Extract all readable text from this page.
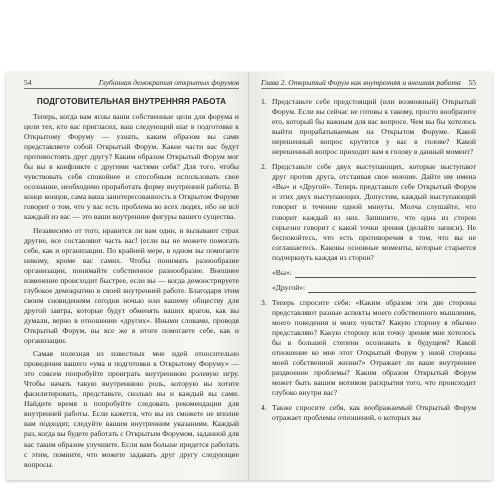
54	Глубинная демократия открытых форумов
ПОДГОТОВИТЕЛЬНАЯ ВНУТРЕННЯЯ РАБОТА

Теперь, когда вам ясны ваши собственные цели для форума и цели тех, кто вас пригласил, ваш следующий шаг в подготовке к Открытому Форуму — узнать, каким образом вы сами представляете собой Открытый Форум. Какие части вас будут противостоять друг другу? Каким образом Открытый Форум мог бы вы в конфликте с другими частями себя? Для того, чтобы чувствовать себя спокойнее и способным использовать свое осознание, необходимо проработать форму внутренней работы. В конце концов, сама ваша заинтересованность в Открытом Форуме говорит о том, что у вас есть проблема во всех людях, ибо не всё каждый из вас — это ваши внутренние фигуры вашего существа.

Независимо от того, нравится ли вам один, и вызывают страх другие, все составляют часть вас! (если вы не можете помогать себе, как и организации. По крайней мере, в одном вы помогаете никому, кроме вас самих. Чтобы понимать разнообразие организации, понимайте собственное разнообразие. Внешнее изменение происходит быстрее, если вы — когда демонстрируете глубокое демократию в своей внутренней работе. Благодаря этим своим сновидениям сегодня ночью или вашему обществу для другой завтра, которые будут обменять ваших врагов, как вы думали, верно в отношении «других». Иными словами, проводя Открытый Форум, вы все же в итоге помогаете себе, как и организации.

Самая полезная из известных мне идей относительно проведения вашего «ума и подготовки к Открытому Форуму» — это совсем попробуйте проиграть внутреннюю ролевую игру. Чтобы начать такую внутреннюю роль, которую вы хотите фасилитировать, представьте, сколько вы и каждый вы сами. Найдите время и попробуйте следовать рекомендации для внутренней работы. Если кажется, что вы их сможете не вполне вам подходят, следуйте вашим внутренним указаниям. Каждый раз, когда вы будете работать с Открытым Форумом, заданной для вас таким образом улучшите. Если вам больше придется работать с этим, помните, что можете задавать друг другу следующие вопросы.

Глава 2. Открытый Форум как внутренняя и внешняя работа 55
1. Представьте себе предстоящий (или возможный) Открытый Форум. Если вы сейчас не готовы к такому, просто вообразите его, который бы важным для вас вопросе. Чем вы бы хотелось выйти прорабатываемым на Открытом Форуме. Какой нерешенный вопрос крутится у вас в голове? Какой нерешенный вопрос приходит вам в голову в данный момент?
2. Представьте себе двух выступающих, которые выступают друг против друга, отстаивая свое мнение. Дайте им имена «Вы» и «Другой». Теперь представьте себе Открытый Форум и этих двух выступающих. Допустим, каждый выступающий говорит в течение одной минуты. Молча слушайте, что говорит каждый из них. Запишите, что одна из сторон серьезно говорит с какой точки зрения (делайте записи). Не беспокойтесь, что есть противоречия в том, что вы не соглашаетесь. Каковы основные моменты, которые старается подчеркнуть каждая из сторон?
«Вы»:
«Другой»:
3. Теперь спросите себя: «Каким образом эти две стороны представляют разные аспекты моего собственного мышления, моего поведения и моих чувств? Какую сторону я обычно представляю? Какую сторону или точку зрения мне хотелось бы в большей степени осознавать в будущем? Какой отношение ко мне этот Открытый Форум у иной стороны моей собственной жизни?» Отражает ли ваше внутреннее раздвоение проблемы? Каким образом Открытый Форум может быть вашим мотивом раскрытия того, что происходит глубоко внутри вас?
4. Также спросите себя, как воображаемый Открытый Форум отражает проблемы отношений, о которых вы
